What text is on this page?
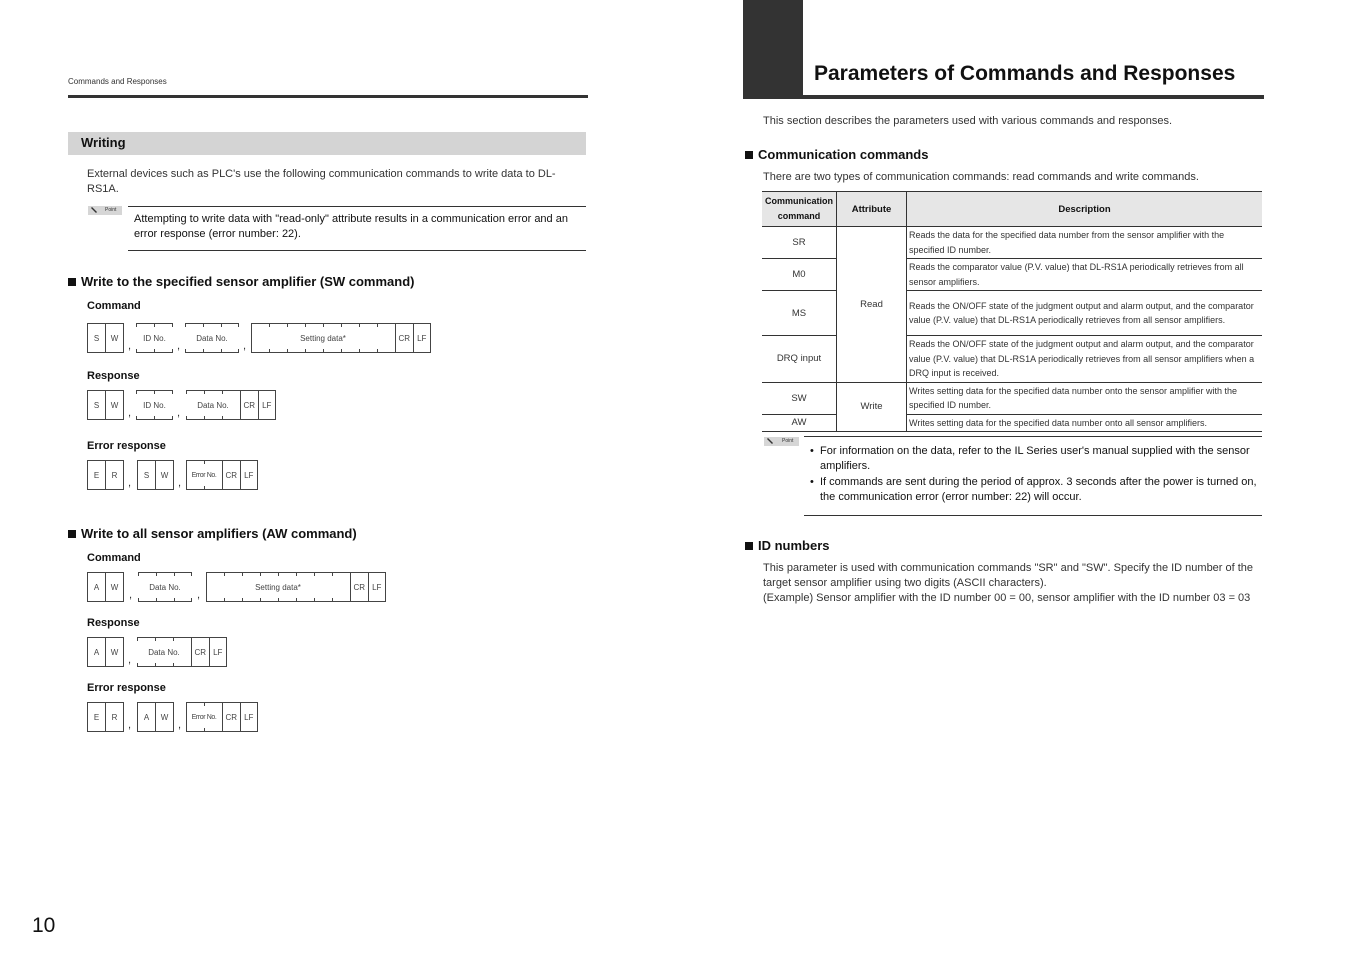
Commands and Responses
Writing
External devices such as PLC's use the following communication commands to write data to DL-RS1A.
Point
Attempting to write data with "read-only" attribute results in a communication error and an error response (error number: 22).
Write to the specified sensor amplifier (SW command)
Command
S	W
,
ID No.
,
Data No.
,
Setting data*	CR LF
Response
S	W
,
ID No.
,
Data No.	CR LF
Error response
E	R
,
S	W
,
Error No.	CR LF
Write to all sensor amplifiers (AW command)
Command
A	W
,
Data No.
,
Setting data*	CR LF
Response
A	W
,
Data No.	CR LF
Error response
E	R
,
A	W
,
Error No.	CR LF
10
Parameters of Commands and Responses
This section describes the parameters used with various commands and responses.
Communication commands
There are two types of communication commands: read commands and write commands.
Communication command	Attribute	Description
SR	Read	Reads the data for the specified data number from the sensor amplifier with the specified ID number.
M0		Reads the comparator value (P.V. value) that DL-RS1A periodically retrieves from all sensor amplifiers.
MS		Reads the ON/OFF state of the judgment output and alarm output, and the comparator value (P.V. value) that DL-RS1A periodically retrieves from all sensor amplifiers.
DRQ input		Reads the ON/OFF state of the judgment output and alarm output, and the comparator value (P.V. value) that DL-RS1A periodically retrieves from all sensor amplifiers when a DRQ input is received.
SW	Write	Writes setting data for the specified data number onto the sensor amplifier with the specified ID number.
AW		Writes setting data for the specified data number onto all sensor amplifiers.
Point
• For information on the data, refer to the IL Series user's manual supplied with the sensor amplifiers.
• If commands are sent during the period of approx. 3 seconds after the power is turned on, the communication error (error number: 22) will occur.
ID numbers
This parameter is used with communication commands "SR" and "SW". Specify the ID number of the target sensor amplifier using two digits (ASCII characters).
(Example) Sensor amplifier with the ID number 00 = 00, sensor amplifier with the ID number 03 = 03
